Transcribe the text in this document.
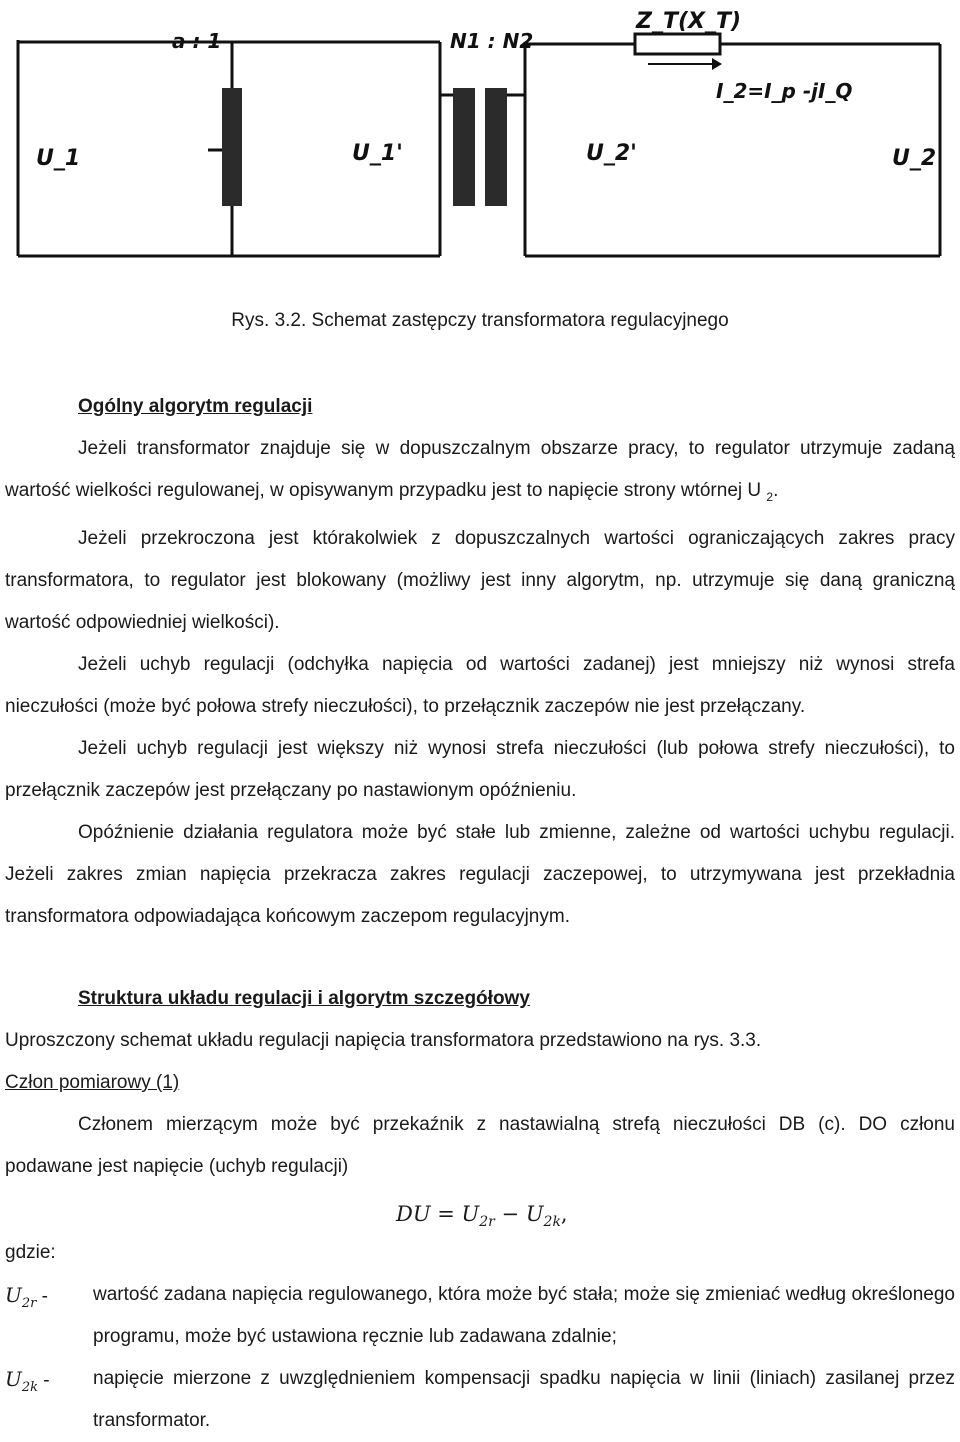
a : 1	N1 : N2
Z_T(X_T)
I_2=I_p -jI_Q
U_1	U_1'	U_2'	U_2
Rys. 3.2. Schemat zastępczy transformatora regulacyjnego

Ogólny algorytm regulacji

Jeżeli transformator znajduje się w dopuszczalnym obszarze pracy, to regulator utrzymuje zadaną wartość wielkości regulowanej, w opisywanym przypadku jest to napięcie strony wtórnej U $_2$.

Jeżeli przekroczona jest którakolwiek z dopuszczalnych wartości ograniczających zakres pracy transformatora, to regulator jest blokowany (możliwy jest inny algorytm, np. utrzymuje się daną graniczną wartość odpowiedniej wielkości).

Jeżeli uchyb regulacji (odchyłka napięcia od wartości zadanej) jest mniejszy niż wynosi strefa nieczułości (może być połowa strefy nieczułości), to przełącznik zaczepów nie jest przełączany.

Jeżeli uchyb regulacji jest większy niż wynosi strefa nieczułości (lub połowa strefy nieczułości), to przełącznik zaczepów jest przełączany po nastawionym opóźnieniu.

Opóźnienie działania regulatora może być stałe lub zmienne, zależne od wartości uchybu regulacji. Jeżeli zakres zmian napięcia przekracza zakres regulacji zaczepowej, to utrzymywana jest przekładnia transformatora odpowiadająca końcowym zaczepom regulacyjnym.

Struktura układu regulacji i algorytm szczegółowy

Uproszczony schemat układu regulacji napięcia transformatora przedstawiono na rys. 3.3.

Człon pomiarowy (1)

Członem mierzącym może być przekaźnik z nastawialną strefą nieczułości DB (c). DO członu podawane jest napięcie (uchyb regulacji)

DU = $U_{2r} - U_{2k}$,
gdzie:
$U_{2r}$ - wartość zadana napięcia regulowanego, która może być stała; może się zmieniać według określonego programu, może być ustawiona ręcznie lub zadawana zdalnie;
$U_{2k}$ - napięcie mierzone z uwzględnieniem kompensacji spadku napięcia w linii (liniach) zasilanej przez transformator.
